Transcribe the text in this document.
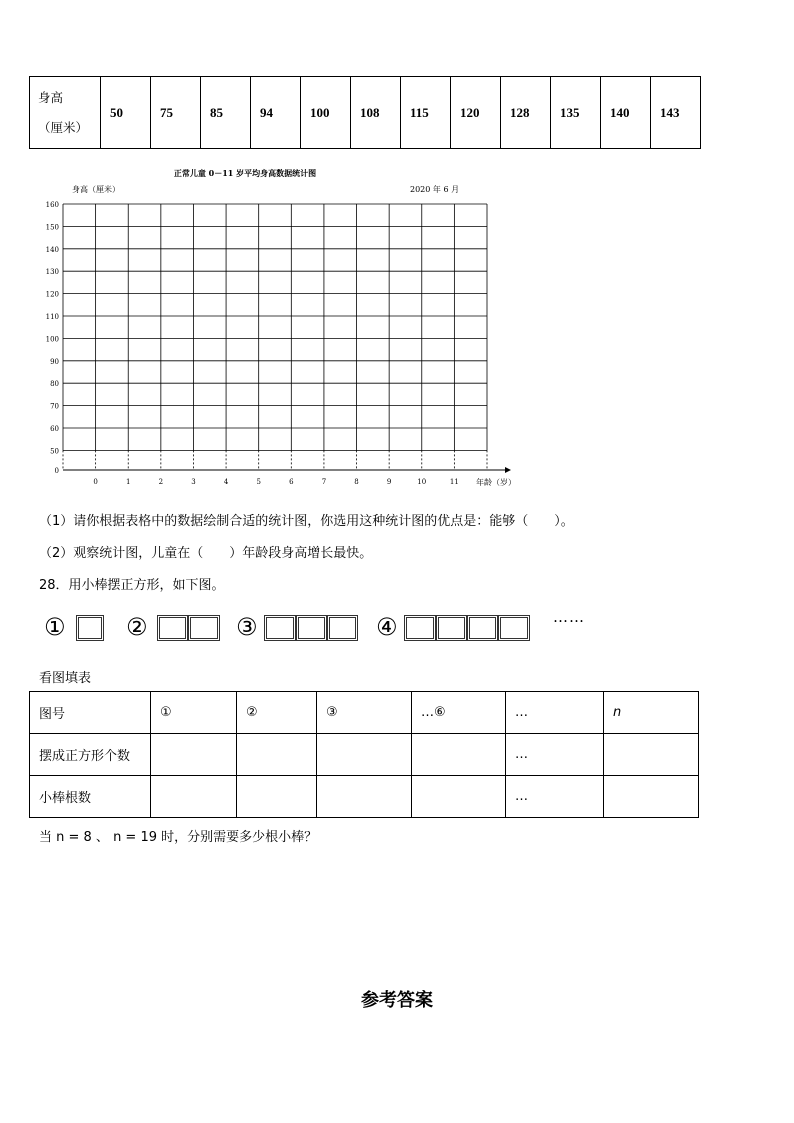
身高
（厘米）
	50	75	85	94	100	108	115	120	128	135	140	143
正常儿童 0－11 岁平均身高数据统计图
身高（厘米）	2020 年 6 月
160
150
140
130
120
110
100
90
80
70
60
50
0
0	1	2	3	4	5	6	7	8	9	10	11 年龄（岁）
（1）请你根据表格中的数据绘制合适的统计图，你选用这种统计图的优点是：能够（　　）。
（2）观察统计图，儿童在（　　）年龄段身高增长最快。
28．用小棒摆正方形，如下图。
①	②	③	④	……
看图填表
图号	①	②	③	…⑥	…	n
摆成正方形个数					…	
小棒根数					…	
当 n = 8 、 n = 19 时，分别需要多少根小棒？
参考答案
